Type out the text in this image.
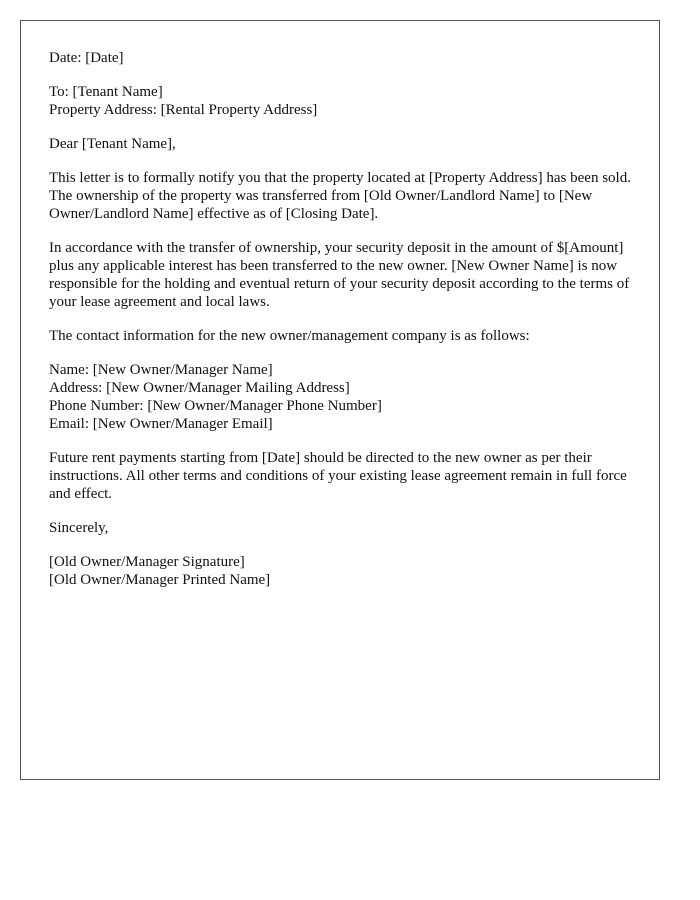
Date: [Date]
To: [Tenant Name]
Property Address: [Rental Property Address]
Dear [Tenant Name],
This letter is to formally notify you that the property located at [Property Address] has been sold. The ownership of the property was transferred from [Old Owner/Landlord Name] to [New Owner/Landlord Name] effective as of [Closing Date].
In accordance with the transfer of ownership, your security deposit in the amount of $[Amount] plus any applicable interest has been transferred to the new owner. [New Owner Name] is now responsible for the holding and eventual return of your security deposit according to the terms of your lease agreement and local laws.
The contact information for the new owner/management company is as follows:
Name: [New Owner/Manager Name]
Address: [New Owner/Manager Mailing Address]
Phone Number: [New Owner/Manager Phone Number]
Email: [New Owner/Manager Email]
Future rent payments starting from [Date] should be directed to the new owner as per their instructions. All other terms and conditions of your existing lease agreement remain in full force and effect.
Sincerely,
[Old Owner/Manager Signature]
[Old Owner/Manager Printed Name]
